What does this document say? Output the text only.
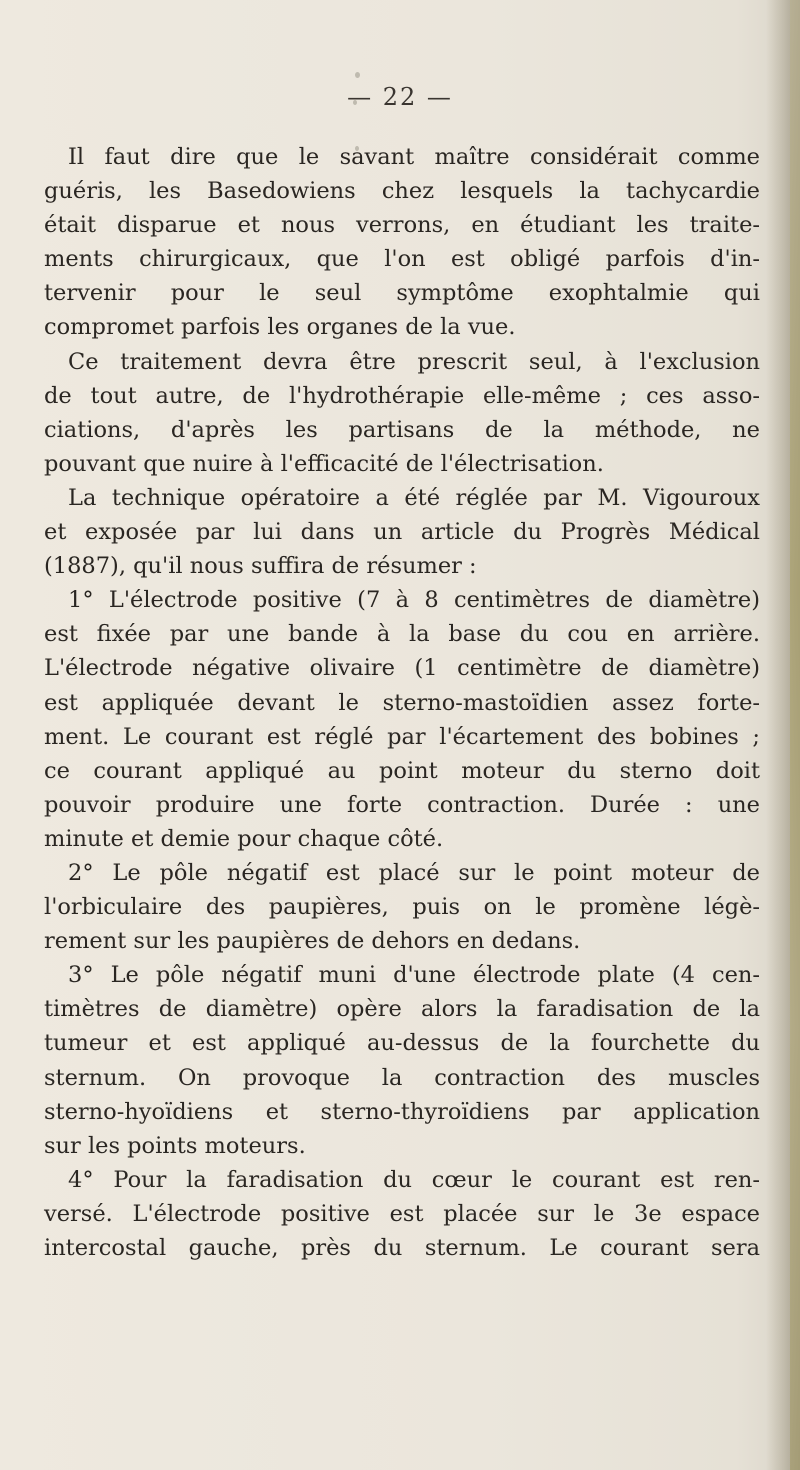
— 22 —
Il faut dire que le savant maître considérait comme
guéris, les Basedowiens chez lesquels la tachycardie
était disparue et nous verrons, en étudiant les traite-
ments chirurgicaux, que l'on est obligé parfois d'in-
tervenir pour le seul symptôme exophtalmie qui
compromet parfois les organes de la vue.
Ce traitement devra être prescrit seul, à l'exclusion
de tout autre, de l'hydrothérapie elle-même ; ces asso-
ciations, d'après les partisans de la méthode, ne
pouvant que nuire à l'efficacité de l'électrisation.
La technique opératoire a été réglée par M. Vigouroux
et exposée par lui dans un article du Progrès Médical
(1887), qu'il nous suffira de résumer :
1° L'électrode positive (7 à 8 centimètres de diamètre)
est fixée par une bande à la base du cou en arrière.
L'électrode négative olivaire (1 centimètre de diamètre)
est appliquée devant le sterno-mastoïdien assez forte-
ment. Le courant est réglé par l'écartement des bobines ;
ce courant appliqué au point moteur du sterno doit
pouvoir produire une forte contraction. Durée : une
minute et demie pour chaque côté.
2° Le pôle négatif est placé sur le point moteur de
l'orbiculaire des paupières, puis on le promène légè-
rement sur les paupières de dehors en dedans.
3° Le pôle négatif muni d'une électrode plate (4 cen-
timètres de diamètre) opère alors la faradisation de la
tumeur et est appliqué au-dessus de la fourchette du
sternum. On provoque la contraction des muscles
sterno-hyoïdiens et sterno-thyroïdiens par application
sur les points moteurs.
4° Pour la faradisation du cœur le courant est ren-
versé. L'électrode positive est placée sur le 3e espace
intercostal gauche, près du sternum. Le courant sera
